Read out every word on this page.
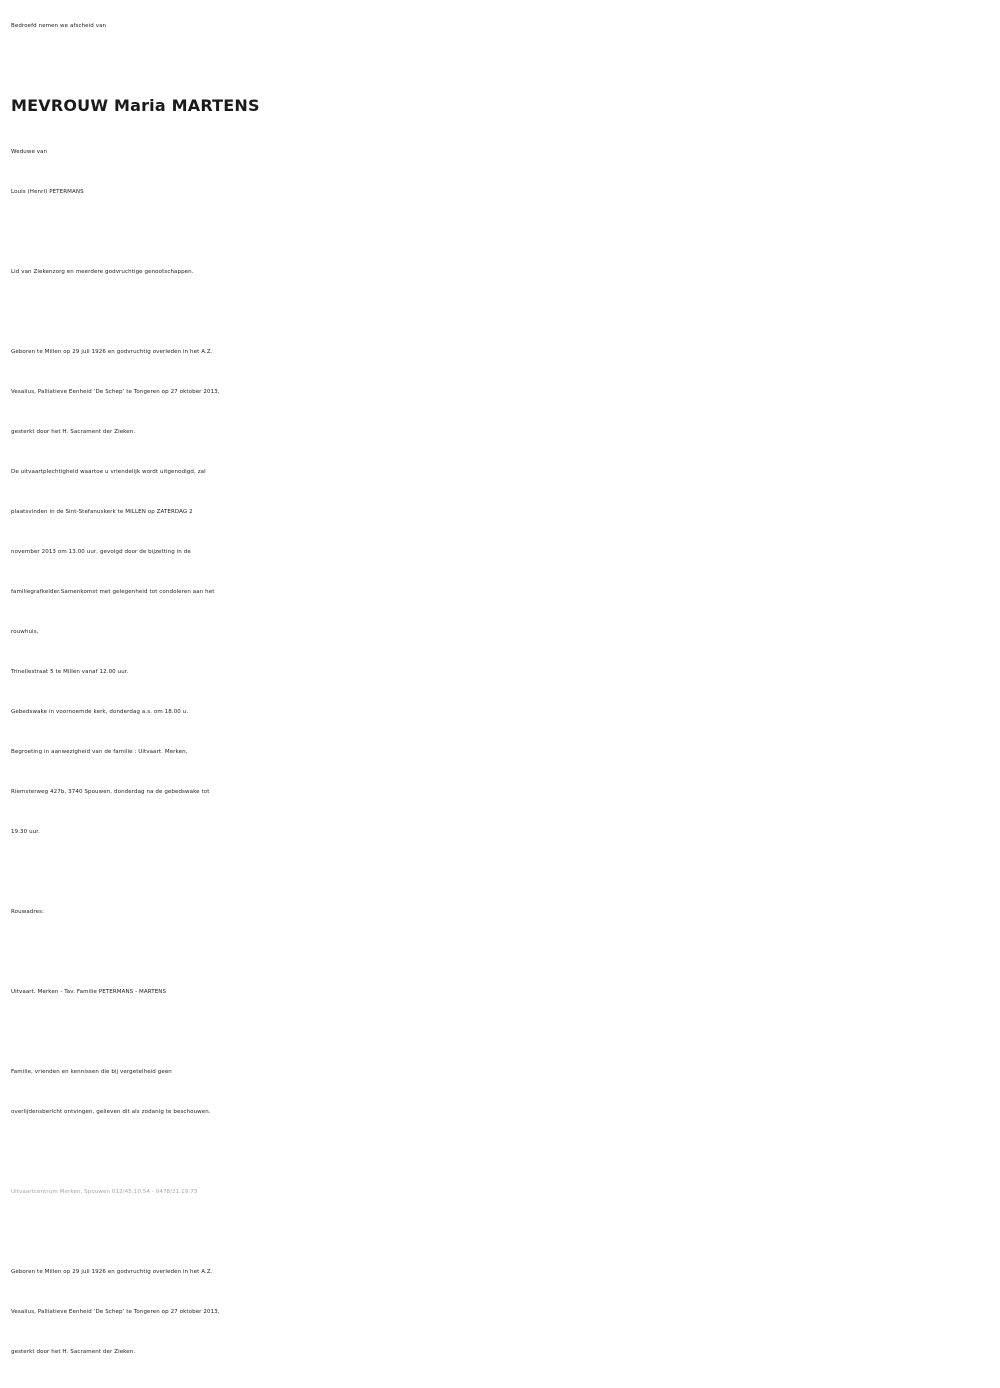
Bedroefd nemen we afscheid van
MEVROUW Maria MARTENS
Weduwe van
Louis (Henri) PETERMANS
Lid van Ziekenzorg en meerdere godvruchtige genootschappen.
Geboren te Millen op 29 juli 1926 en godvruchtig overleden in het A.Z.
Vesalius, Palliatieve Eenheid ‘De Schep’ te Tongeren op 27 oktober 2013,
gesterkt door het H. Sacrament der Zieken.
De uitvaartplechtigheid waartoe u vriendelijk wordt uitgenodigd, zal
plaatsvinden in de Sint-Stefanuskerk te MILLEN op ZATERDAG 2
november 2013 om 13.00 uur, gevolgd door de bijzetting in de
familiegrafkelder.Samenkomst met gelegenheid tot condoleren aan het
rouwhuis,
Trinellestraat 5 te Millen vanaf 12.00 uur.
Gebedswake in voornoemde kerk, donderdag a.s. om 18.00 u.
Begroeting in aanwezigheid van de familie : Uitvaart. Merken,
Riemsterweg 427b, 3740 Spouwen, donderdag na de gebedswake tot
19.30 uur.
Rouwadres:
Uitvaart. Merken - Tav. Familie PETERMANS - MARTENS
Familie, vrienden en kennissen die bij vergetelheid geen
overlijdensbericht ontvingen, gelieven dit als zodanig te beschouwen.
Uitvaartcentrum Merken, Spouwen 012/45.10.54 - 0478/21.19.73
Geboren te Millen op 29 juli 1926 en godvruchtig overleden in het A.Z.
Vesalius, Palliatieve Eenheid ‘De Schep’ te Tongeren op 27 oktober 2013,
gesterkt door het H. Sacrament der Zieken.
